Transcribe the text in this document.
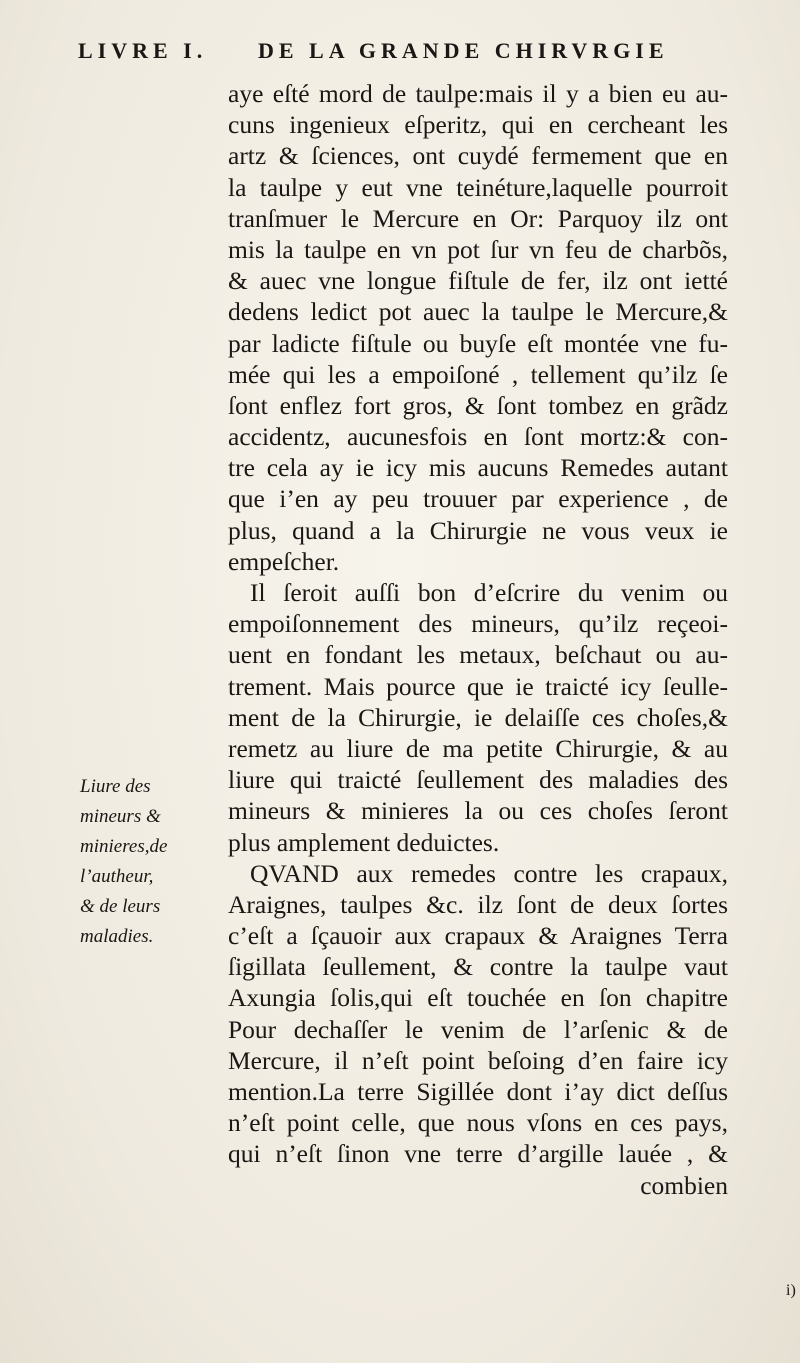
LIVRE I. DE LA GRANDE CHIRVRGIE
aye eſté mord de taulpe:mais il y a bien eu au-
cuns ingenieux eſperitz, qui en cercheant les
artz & ſciences, ont cuydé fermement que en
la taulpe y eut vne teinéture,laquelle pourroit
tranſmuer le Mercure en Or: Parquoy ilz ont
mis la taulpe en vn pot ſur vn feu de charbõs,
& auec vne longue fiſtule de fer, ilz ont ietté
dedens ledict pot auec la taulpe le Mercure,&
par ladicte fiſtule ou buyſe eſt montée vne fu-
mée qui les a empoiſoné , tellement qu’ilz ſe
ſont enflez fort gros, & ſont tombez en grãdz
accidentz, aucunesfois en ſont mortz:& con-
tre cela ay ie icy mis aucuns Remedes autant
que i’en ay peu trouuer par experience , de
plus, quand a la Chirurgie ne vous veux ie
empeſcher.
Il ſeroit auſſi bon d’eſcrire du venim ou
empoiſonnement des mineurs, qu’ilz reçeoi-
uent en fondant les metaux, beſchaut ou au-
trement. Mais pource que ie traicté icy ſeulle-
ment de la Chirurgie, ie delaiſſe ces choſes,&
remetz au liure de ma petite Chirurgie, & au
liure qui traicté ſeullement des maladies des
mineurs & minieres la ou ces choſes ſeront
plus amplement deduictes.
QVAND aux remedes contre les crapaux,
Araignes, taulpes &c. ilz ſont de deux ſortes
c’eſt a ſçauoir aux crapaux & Araignes Terra
ſigillata ſeullement, & contre la taulpe vaut
Axungia ſolis,qui eſt touchée en ſon chapitre
Pour dechaſſer le venim de l’arſenic & de
Mercure, il n’eſt point beſoing d’en faire icy
mention.La terre Sigillée dont i’ay dict deſſus
n’eſt point celle, que nous vſons en ces pays,
qui n’eſt ſinon vne terre d’argille lauée , &
combien
Liure des
mineurs &
minieres,de
l’autheur,
& de leurs
maladies.
i)
